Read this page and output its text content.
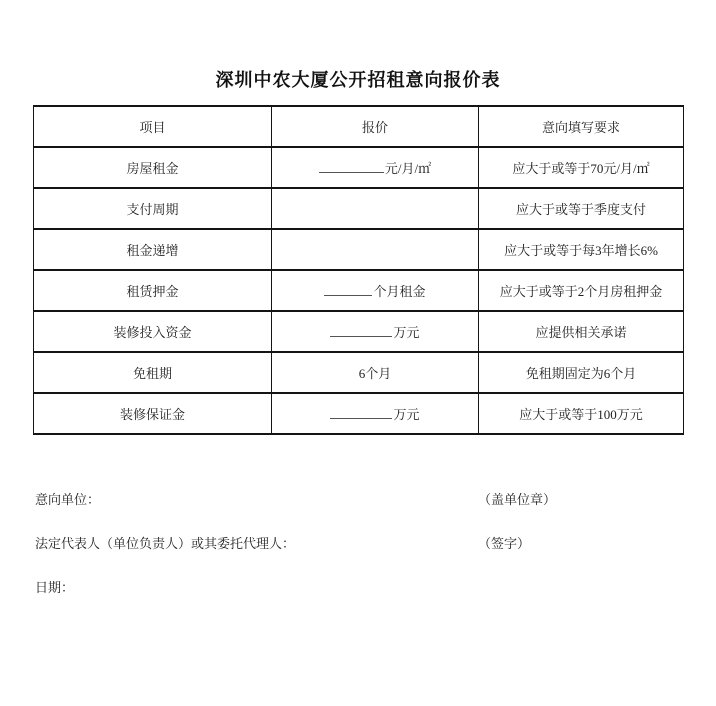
深圳中农大厦公开招租意向报价表
项目	报价	意向填写要求
房屋租金	元/月/㎡	应大于或等于70元/月/㎡
支付周期		应大于或等于季度支付
租金递增		应大于或等于每3年增长6%
租赁押金	个月租金	应大于或等于2个月房租押金
装修投入资金	万元	应提供相关承诺
免租期	6个月	免租期固定为6个月
装修保证金	万元	应大于或等于100万元
意向单位：	（盖单位章）
法定代表人（单位负责人）或其委托代理人：	（签字）
日期：
